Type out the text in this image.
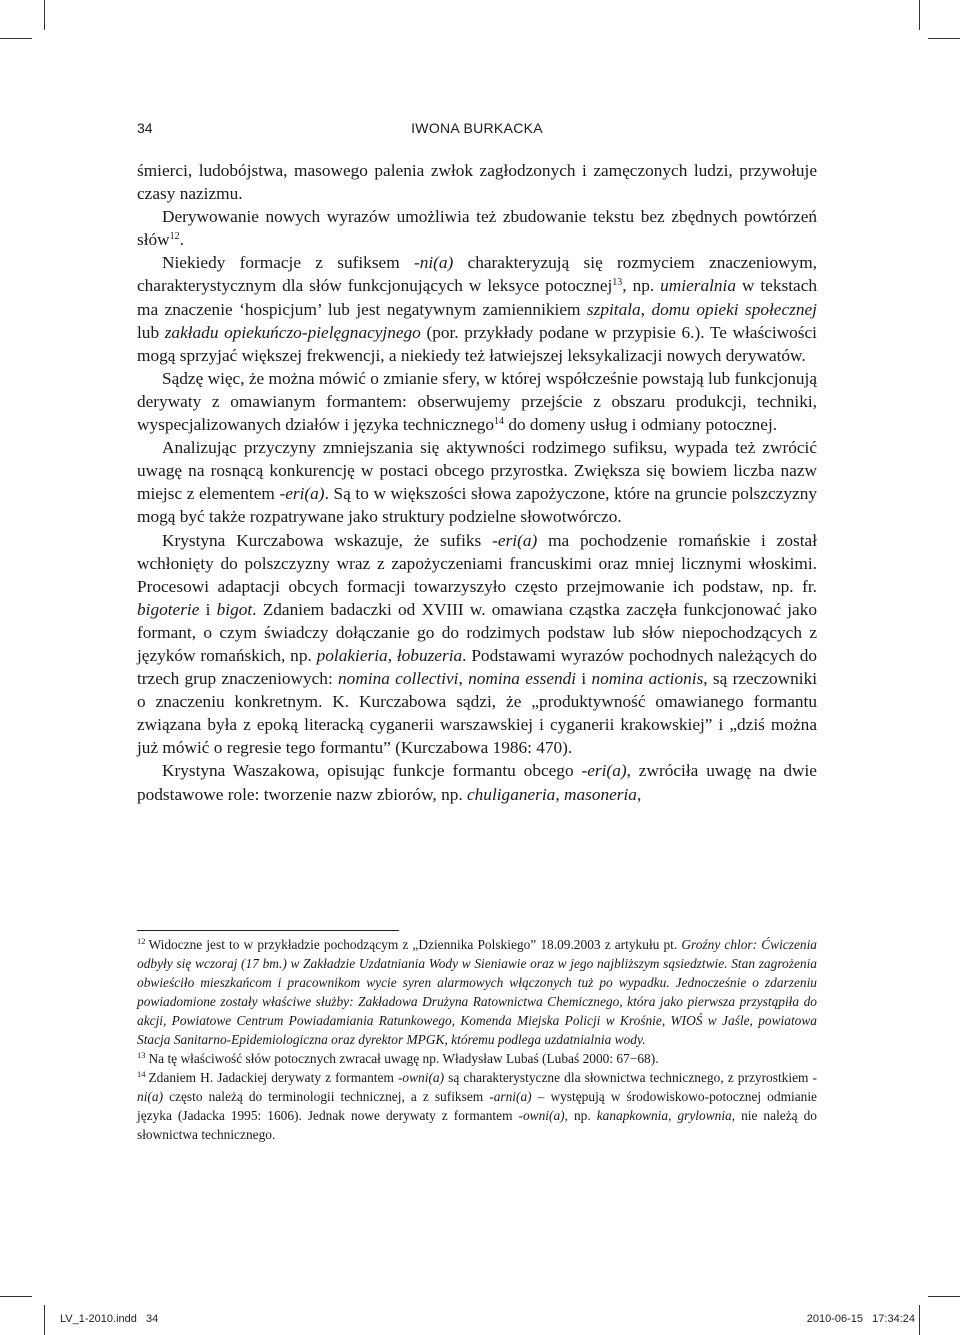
34	IWONA BURKACKA

śmierci, ludobójstwa, masowego palenia zwłok zagłodzonych i zamęczonych ludzi, przywołuje czasy nazizmu.

Derywowanie nowych wyrazów umożliwia też zbudowanie tekstu bez zbędnych powtórzeń słów$^{12}$.

Niekiedy formacje z sufiksem -ni(a) charakteryzują się rozmyciem znaczeniowym, charakterystycznym dla słów funkcjonujących w leksyce potocznej$^{13}$, np. umieralnia w tekstach ma znaczenie ‘hospicjum’ lub jest negatywnym zamiennikiem szpitala, domu opieki społecznej lub zakładu opiekuńczo-pielęgnacyjnego (por. przykłady podane w przypisie 6.). Te właściwości mogą sprzyjać większej frekwencji, a niekiedy też łatwiejszej leksykalizacji nowych derywatów.

Sądzę więc, że można mówić o zmianie sfery, w której współcześnie powstają lub funkcjonują derywaty z omawianym formantem: obserwujemy przejście z obszaru produkcji, techniki, wyspecjalizowanych działów i języka technicznego$^{14}$ do domeny usług i odmiany potocznej.

Analizując przyczyny zmniejszania się aktywności rodzimego sufiksu, wypada też zwrócić uwagę na rosnącą konkurencję w postaci obcego przyrostka. Zwiększa się bowiem liczba nazw miejsc z elementem -eri(a). Są to w większości słowa zapożyczone, które na gruncie polszczyzny mogą być także rozpatrywane jako struktury podzielne słowotwórczo.

Krystyna Kurczabowa wskazuje, że sufiks -eri(a) ma pochodzenie romańskie i został wchłonięty do polszczyzny wraz z zapożyczeniami francuskimi oraz mniej licznymi włoskimi. Procesowi adaptacji obcych formacji towarzyszyło często przejmowanie ich podstaw, np. fr. bigoterie i bigot. Zdaniem badaczki od XVIII w. omawiana cząstka zaczęła funkcjonować jako formant, o czym świadczy dołączanie go do rodzimych podstaw lub słów niepochodzących z języków romańskich, np. polakieria, łobuzeria. Podstawami wyrazów pochodnych należących do trzech grup znaczeniowych: nomina collectivi, nomina essendi i nomina actionis, są rzeczowniki o znaczeniu konkretnym. K. Kurczabowa sądzi, że „produktywność omawianego formantu związana była z epoką literacką cyganerii warszawskiej i cyganerii krakowskiej” i „dziś można już mówić o regresie tego formantu” (Kurczabowa 1986: 470).

Krystyna Waszakowa, opisując funkcje formantu obcego -eri(a), zwróciła uwagę na dwie podstawowe role: tworzenie nazw zbiorów, np. chuliganeria, masoneria,

$^{12}$ Widoczne jest to w przykładzie pochodzącym z „Dziennika Polskiego” 18.09.2003 z artykułu pt. Groźny chlor: Ćwiczenia odbyły się wczoraj (17 bm.) w Zakładzie Uzdatniania Wody w Sieniawie oraz w jego najbliższym sąsiedztwie. Stan zagrożenia obwieściło mieszkańcom i pracownikom wycie syren alarmowych włączonych tuż po wypadku. Jednocześnie o zdarzeniu powiadomione zostały właściwe służby: Zakładowa Drużyna Ratownictwa Chemicznego, która jako pierwsza przystąpiła do akcji, Powiatowe Centrum Powiadamiania Ratunkowego, Komenda Miejska Policji w Krośnie, WIOŚ w Jaśle, powiatowa Stacja Sanitarno-Epidemiologiczna oraz dyrektor MPGK, któremu podlega uzdatnialnia wody.

$^{13}$ Na tę właściwość słów potocznych zwracał uwagę np. Władysław Lubaś (Lubaś 2000: 67−68).

$^{14}$ Zdaniem H. Jadackiej derywaty z formantem -owni(a) są charakterystyczne dla słownictwa technicznego, z przyrostkiem -ni(a) często należą do terminologii technicznej, a z sufiksem -arni(a) – występują w środowiskowo-potocznej odmianie języka (Jadacka 1995: 1606). Jednak nowe derywaty z formantem -owni(a), np. kanapkownia, grylownia, nie należą do słownictwa technicznego.

LV_1-2010.indd   34	2010-06-15   17:34:24
